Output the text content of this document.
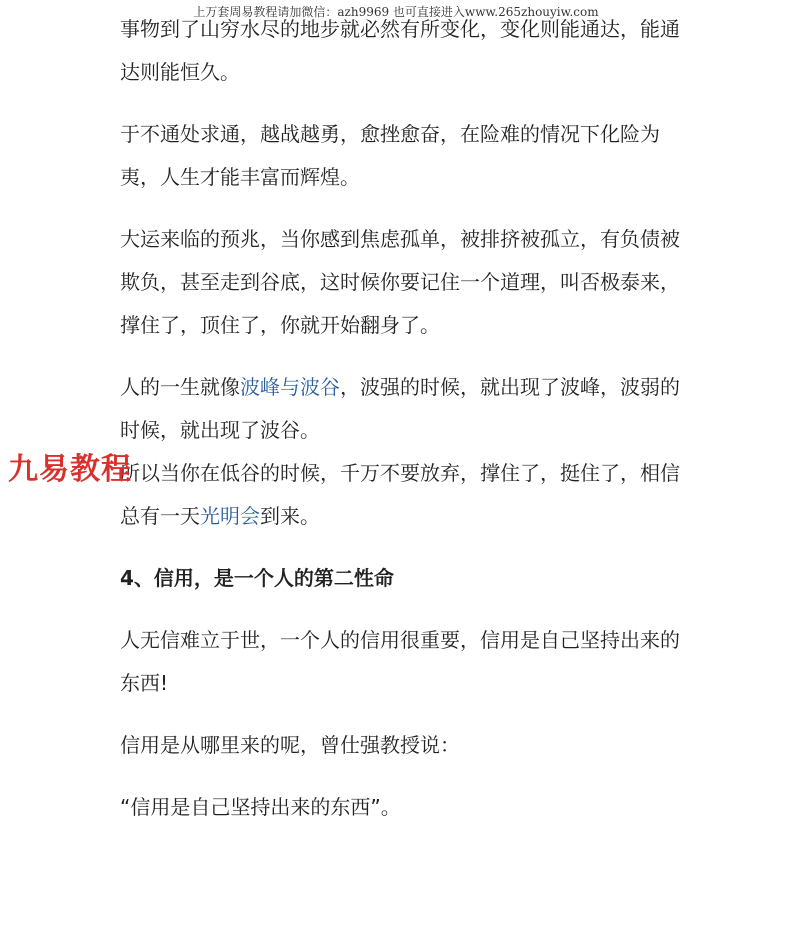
上万套周易教程请加微信：azh9969 也可直接进入www.265zhouyiw.com

事物到了山穷水尽的地步就必然有所变化，变化则能通达，能通达则能恒久。

于不通处求通，越战越勇，愈挫愈奋，在险难的情况下化险为夷，人生才能丰富而辉煌。

大运来临的预兆，当你感到焦虑孤单，被排挤被孤立，有负债被欺负，甚至走到谷底，这时候你要记住一个道理，叫否极泰来，撑住了，顶住了，你就开始翻身了。

人的一生就像波峰与波谷，波强的时候，就出现了波峰，波弱的时候，就出现了波谷。

所以当你在低谷的时候，千万不要放弃，撑住了，挺住了，相信总有一天光明会到来。

4、信用，是一个人的第二性命

人无信难立于世，一个人的信用很重要，信用是自己坚持出来的东西!

信用是从哪里来的呢，曾仕强教授说：

“信用是自己坚持出来的东西”。

九易教程
